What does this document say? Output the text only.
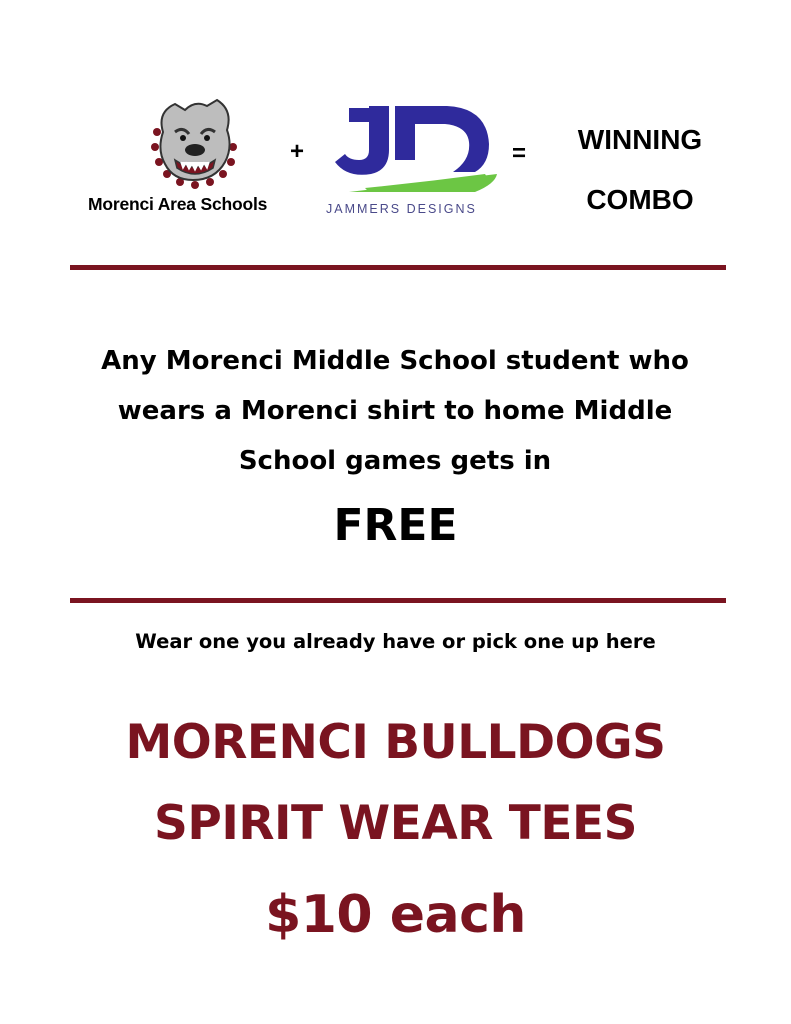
Morenci Area Schools
+
JAMMERS DESIGNS
=	WINNING
COMBO
Any Morenci Middle School student who
wears a Morenci shirt to home Middle
School games gets in
FREE
Wear one you already have or pick one up here
MORENCI BULLDOGS
SPIRIT WEAR TEES
$10 each
